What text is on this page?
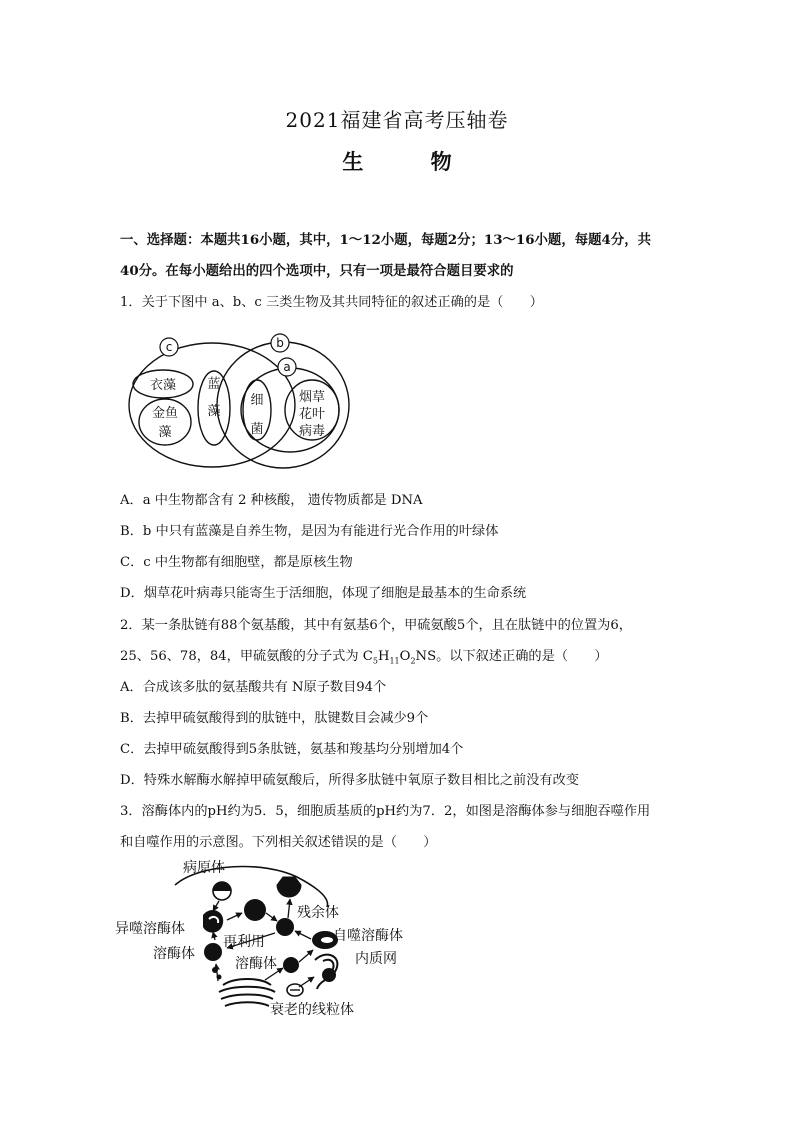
2021福建省高考压轴卷
生 物
一、选择题：本题共16小题，其中，1～12小题，每题2分；13～16小题，每题4分，共
40分。在每小题给出的四个选项中，只有一项是最符合题目要求的
1．关于下图中 a、b、c 三类生物及其共同特征的叙述正确的是（　　）
c	b
a
衣藻
金鱼
藻
蓝
藻
细
菌
烟草
花叶
病毒
A．a 中生物都含有 2 种核酸， 遗传物质都是 DNA
B．b 中只有蓝藻是自养生物，是因为有能进行光合作用的叶绿体
C．c 中生物都有细胞壁，都是原核生物
D．烟草花叶病毒只能寄生于活细胞，体现了细胞是最基本的生命系统
2．某一条肽链有88个氨基酸，其中有氨基6个，甲硫氨酸5个，且在肽链中的位置为6，
25、56、78，84，甲硫氨酸的分子式为 $C_5H_{11}O_2NS$。以下叙述正确的是（　　）
A．合成该多肽的氨基酸共有 N原子数目94个
B．去掉甲硫氨酸得到的肽链中，肽键数目会减少9个
C．去掉甲硫氨酸得到5条肽链，氨基和羧基均分别增加4个
D．特殊水解酶水解掉甲硫氨酸后，所得多肽链中氧原子数目相比之前没有改变
3．溶酶体内的pH约为5．5，细胞质基质的pH约为7．2，如图是溶酶体参与细胞吞噬作用
和自噬作用的示意图。下列相关叙述错误的是（　　）
病原体
异噬溶酶体
溶酶体
再利用
残余体
自噬溶酶体
溶酶体	内质网
衰老的线粒体
